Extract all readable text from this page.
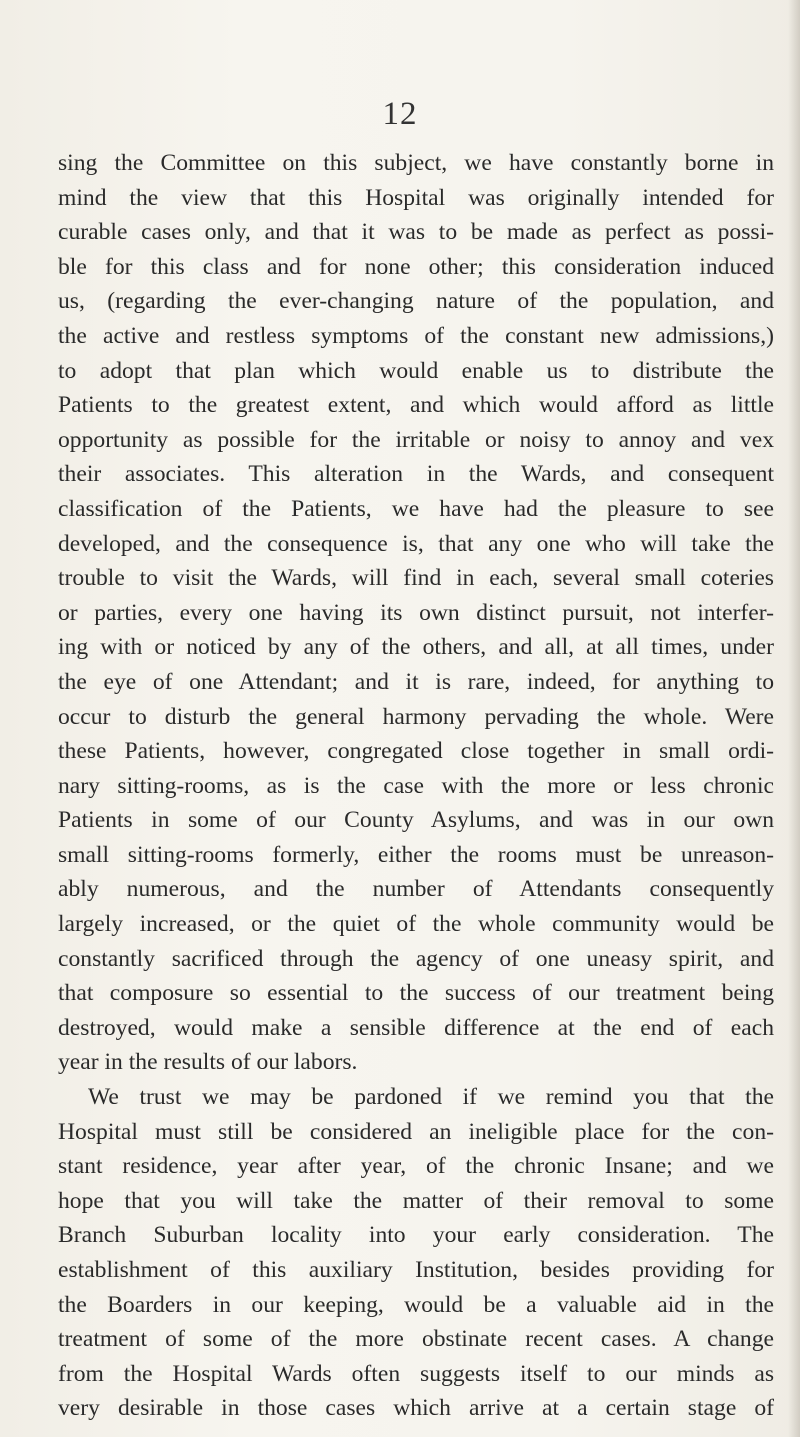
12
sing the Committee on this subject, we have constantly borne in
mind the view that this Hospital was originally intended for
curable cases only, and that it was to be made as perfect as possi-
ble for this class and for none other; this consideration induced
us, (regarding the ever-changing nature of the population, and
the active and restless symptoms of the constant new admissions,)
to adopt that plan which would enable us to distribute the
Patients to the greatest extent, and which would afford as little
opportunity as possible for the irritable or noisy to annoy and vex
their associates. This alteration in the Wards, and consequent
classification of the Patients, we have had the pleasure to see
developed, and the consequence is, that any one who will take the
trouble to visit the Wards, will find in each, several small coteries
or parties, every one having its own distinct pursuit, not interfer-
ing with or noticed by any of the others, and all, at all times, under
the eye of one Attendant; and it is rare, indeed, for anything to
occur to disturb the general harmony pervading the whole. Were
these Patients, however, congregated close together in small ordi-
nary sitting-rooms, as is the case with the more or less chronic
Patients in some of our County Asylums, and was in our own
small sitting-rooms formerly, either the rooms must be unreason-
ably numerous, and the number of Attendants consequently
largely increased, or the quiet of the whole community would be
constantly sacrificed through the agency of one uneasy spirit, and
that composure so essential to the success of our treatment being
destroyed, would make a sensible difference at the end of each
year in the results of our labors.
We trust we may be pardoned if we remind you that the
Hospital must still be considered an ineligible place for the con-
stant residence, year after year, of the chronic Insane; and we
hope that you will take the matter of their removal to some
Branch Suburban locality into your early consideration. The
establishment of this auxiliary Institution, besides providing for
the Boarders in our keeping, would be a valuable aid in the
treatment of some of the more obstinate recent cases. A change
from the Hospital Wards often suggests itself to our minds as
very desirable in those cases which arrive at a certain stage of
